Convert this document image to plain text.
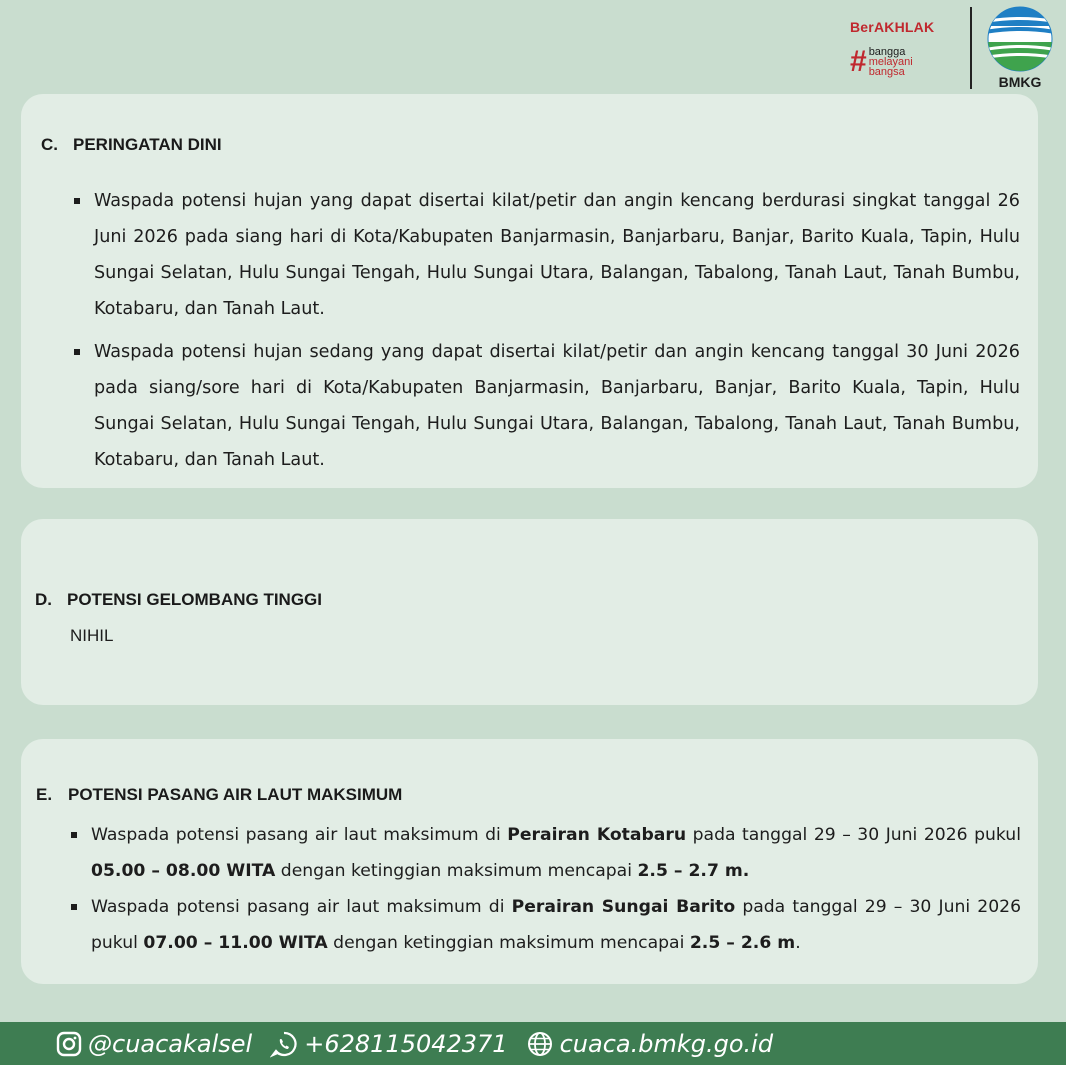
BerAKHLAK
# bangga
melayani
bangsa
BMKG
C. PERINGATAN DINI
Waspada potensi hujan yang dapat disertai kilat/petir dan angin kencang berdurasi singkat tanggal 26 Juni 2026 pada siang hari di Kota/Kabupaten Banjarmasin, Banjarbaru, Banjar, Barito Kuala, Tapin, Hulu Sungai Selatan, Hulu Sungai Tengah, Hulu Sungai Utara, Balangan, Tabalong, Tanah Laut, Tanah Bumbu, Kotabaru, dan Tanah Laut.
Waspada potensi hujan sedang yang dapat disertai kilat/petir dan angin kencang tanggal 30 Juni 2026 pada siang/sore hari di Kota/Kabupaten Banjarmasin, Banjarbaru, Banjar, Barito Kuala, Tapin, Hulu Sungai Selatan, Hulu Sungai Tengah, Hulu Sungai Utara, Balangan, Tabalong, Tanah Laut, Tanah Bumbu, Kotabaru, dan Tanah Laut.
D. POTENSI GELOMBANG TINGGI
NIHIL
E. POTENSI PASANG AIR LAUT MAKSIMUM
Waspada potensi pasang air laut maksimum di Perairan Kotabaru pada tanggal 29 – 30 Juni 2026 pukul 05.00 – 08.00 WITA dengan ketinggian maksimum mencapai 2.5 – 2.7 m.
Waspada potensi pasang air laut maksimum di Perairan Sungai Barito pada tanggal 29 – 30 Juni 2026 pukul 07.00 – 11.00 WITA dengan ketinggian maksimum mencapai 2.5 – 2.6 m.
@cuacakalsel +628115042371 cuaca.bmkg.go.id
